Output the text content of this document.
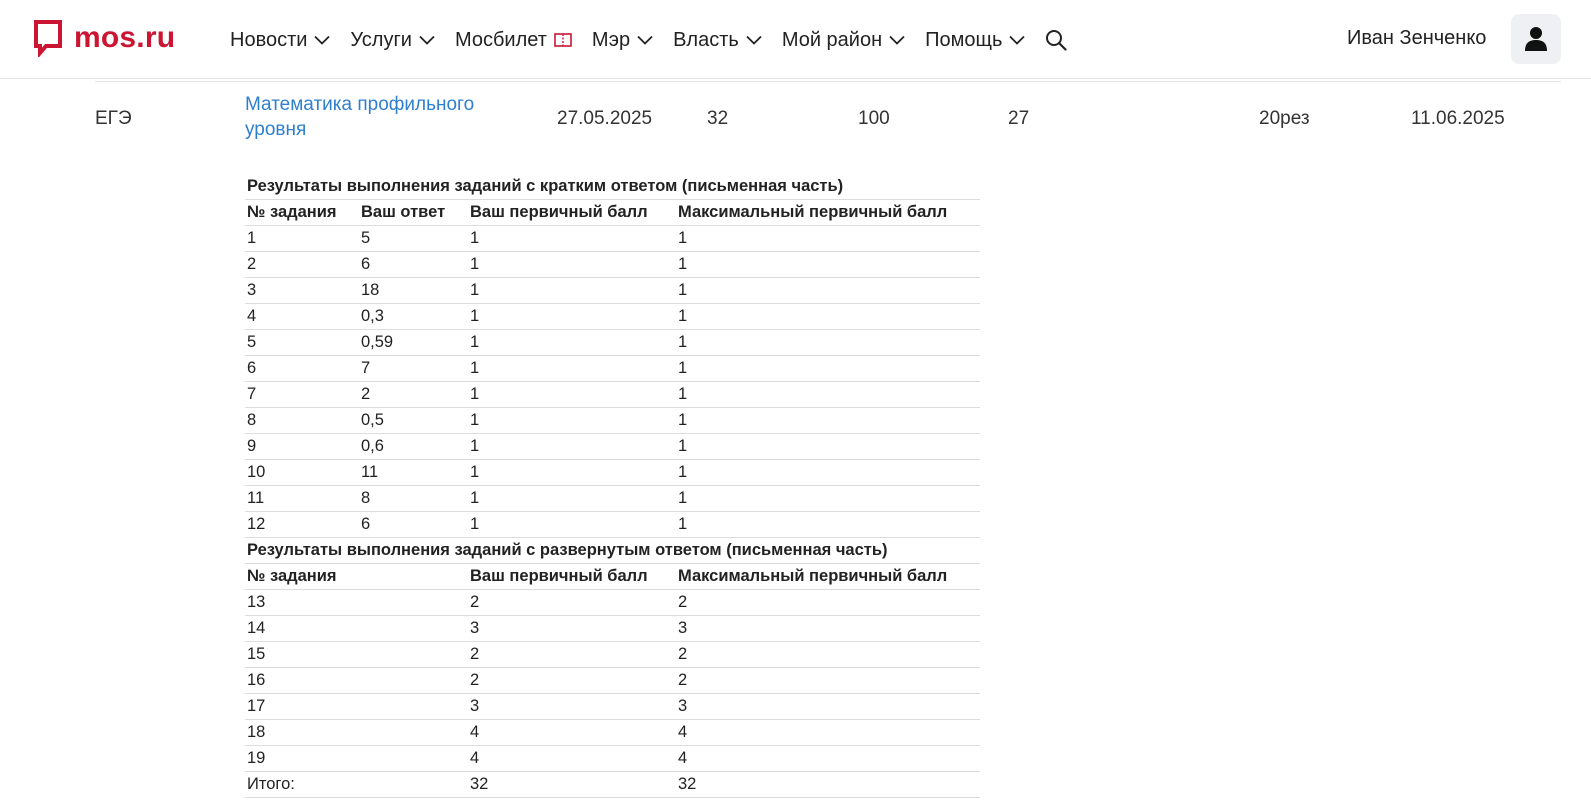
mos.ru	Новости Услуги Мосбилет Мэр Власть Мой район Помощь	Иван Зенченко
ЕГЭ
Математика профильного уровня
27.05.2025	32	100	27	20рез	11.06.2025
Результаты выполнения заданий с кратким ответом (письменная часть)			
№ задания	Ваш ответ	Ваш первичный балл	Максимальный первичный балл
1	5	1	1
2	6	1	1
3	18	1	1
4	0,3	1	1
5	0,59	1	1
6	7	1	1
7	2	1	1
8	0,5	1	1
9	0,6	1	1
10	11	1	1
11	8	1	1
12	6	1	1
Результаты выполнения заданий с развернутым ответом (письменная часть)			
№ задания		Ваш первичный балл	Максимальный первичный балл
13		2	2
14		3	3
15		2	2
16		2	2
17		3	3
18		4	4
19		4	4
Итого:		32	32
